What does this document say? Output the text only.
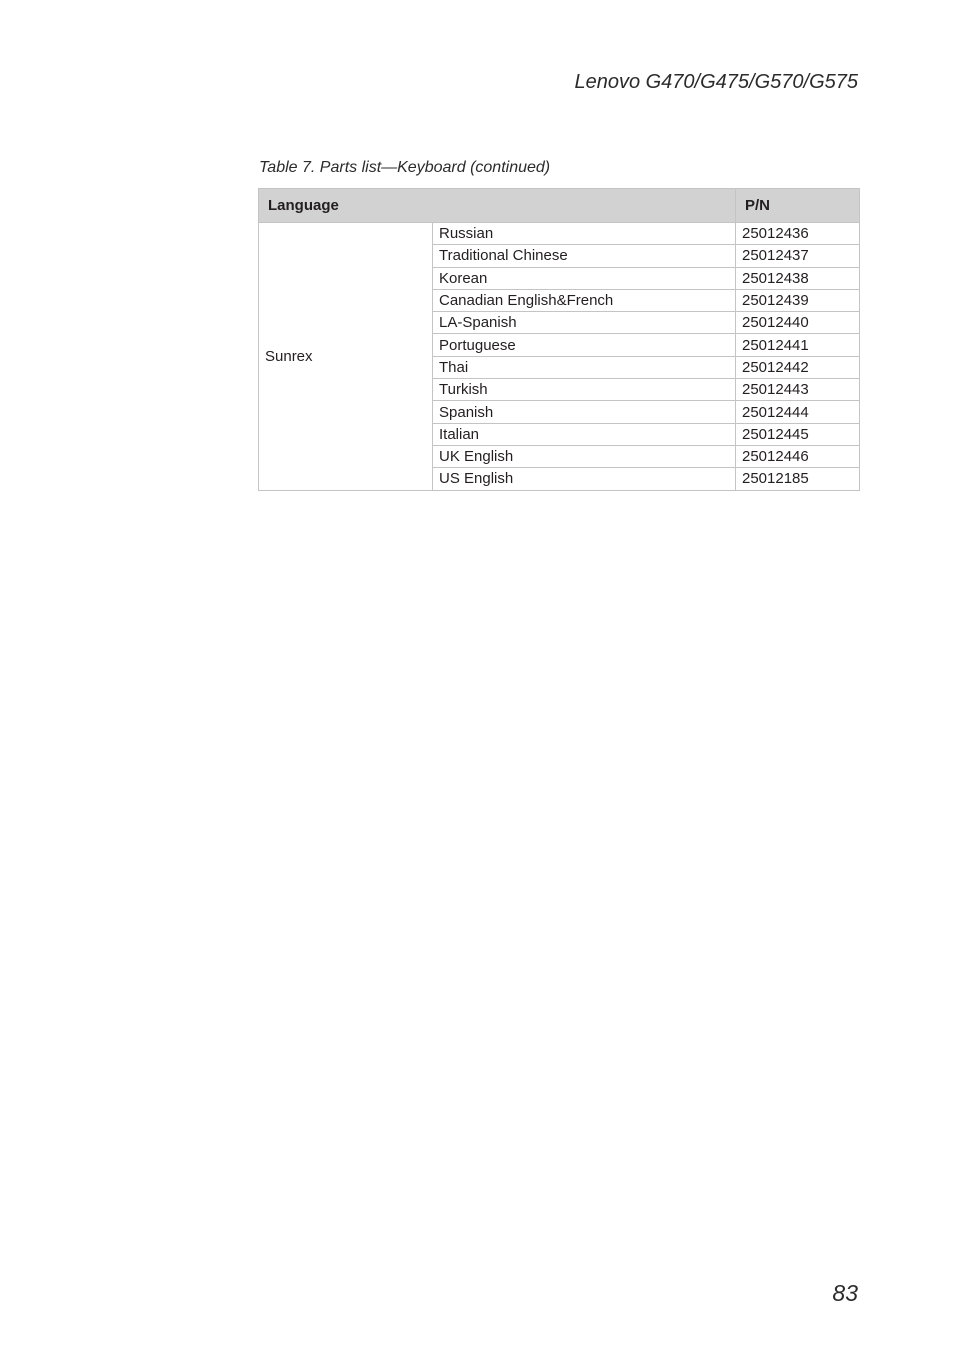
Lenovo G470/G475/G570/G575
Table 7. Parts list—Keyboard (continued)
Language		P/N
Sunrex	Russian	25012436
	Traditional Chinese	25012437
	Korean	25012438
	Canadian English&French	25012439
	LA-Spanish	25012440
	Portuguese	25012441
	Thai	25012442
	Turkish	25012443
	Spanish	25012444
	Italian	25012445
	UK English	25012446
	US English	25012185
83
